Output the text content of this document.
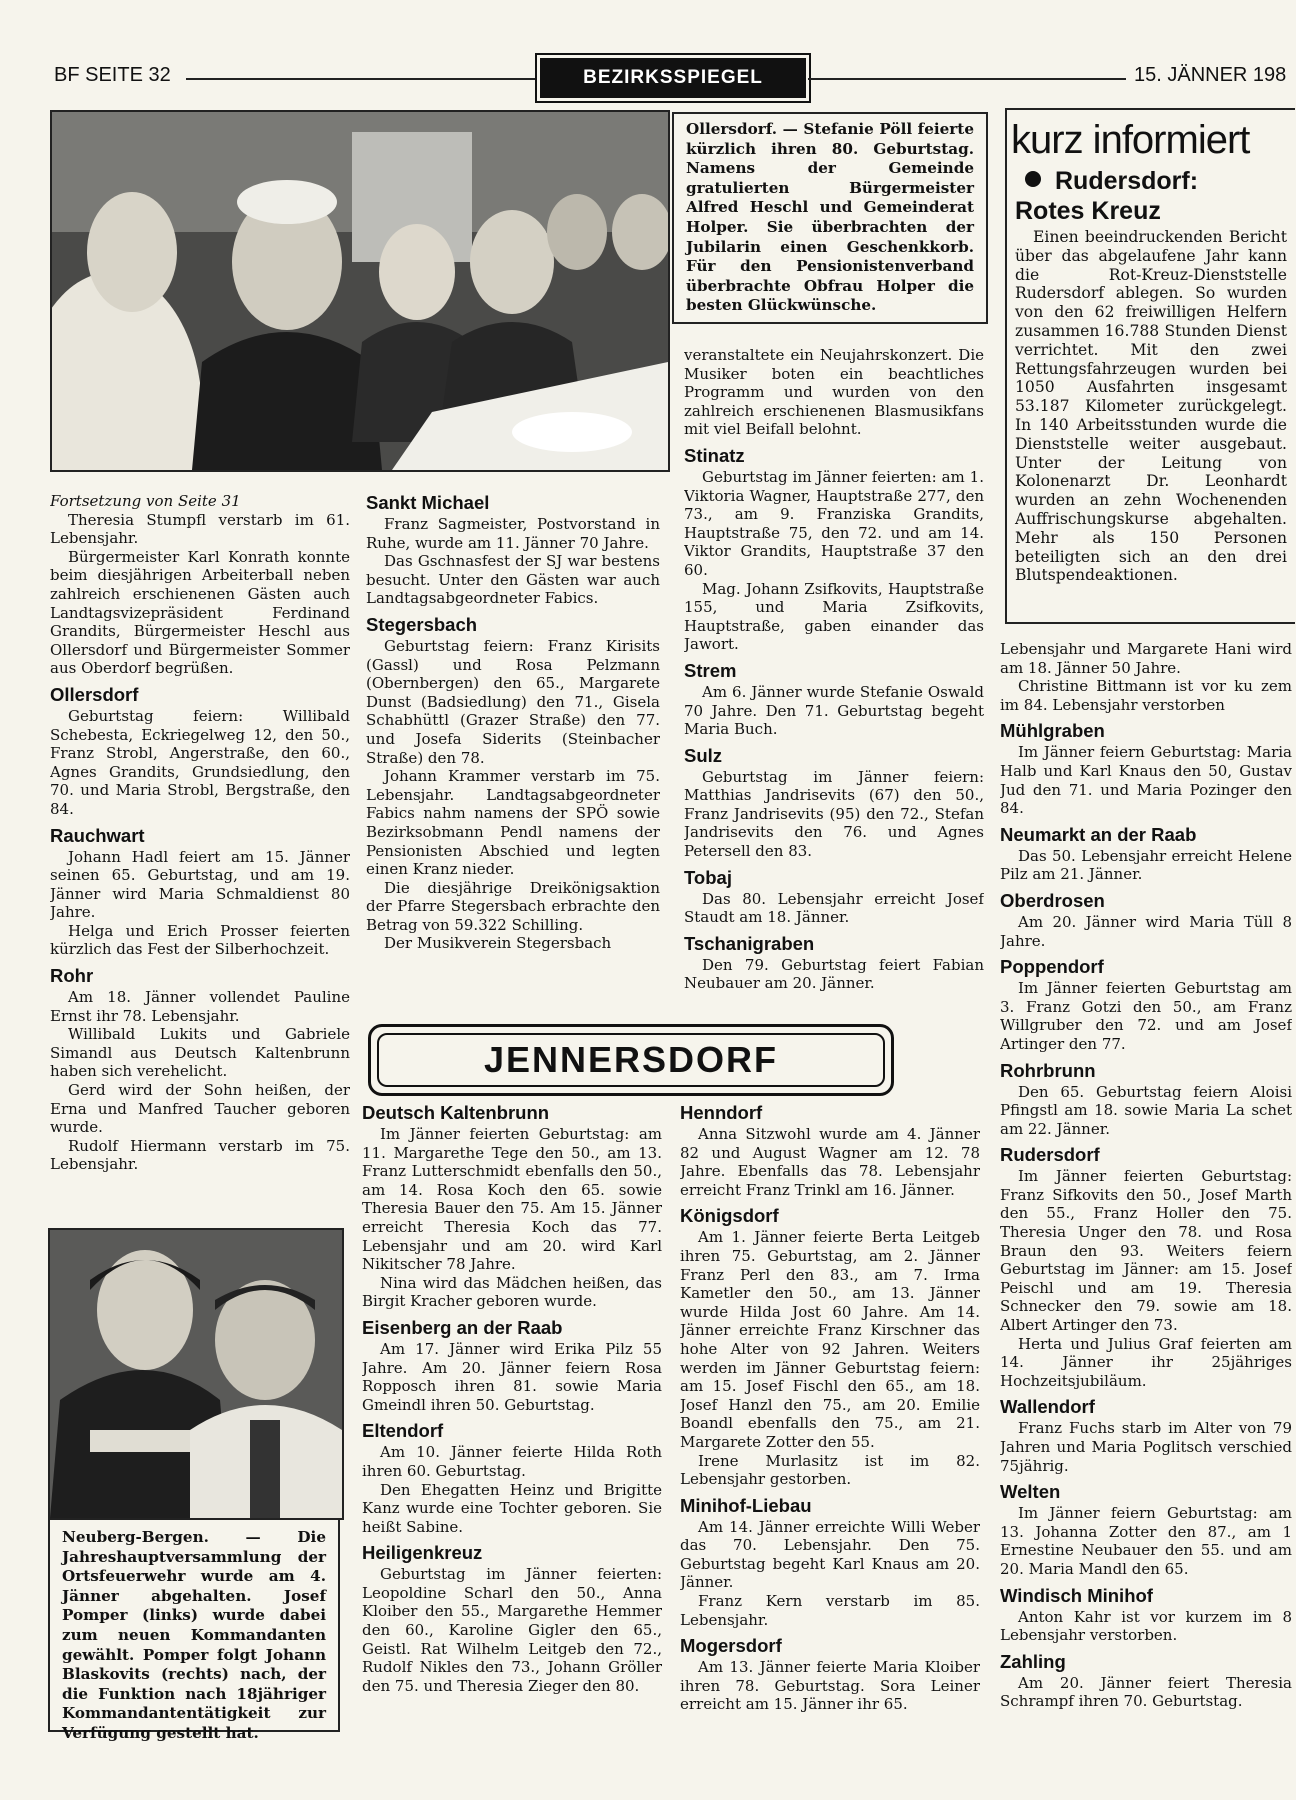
BF SEITE 32	BEZIRKSSPIEGEL	15. JÄNNER 198

Ollersdorf. — Stefanie Pöll feierte kürzlich ihren 80. Geburtstag. Namens der Gemeinde gratulierten Bürgermeister Alfred Heschl und Gemeinderat Holper. Sie überbrachten der Jubilarin einen Geschenkkorb. Für den Pensionistenverband überbrachte Obfrau Holper die besten Glückwünsche.

kurz informiert
Rudersdorf:
Rotes Kreuz

Einen beeindruckenden Bericht über das abgelaufene Jahr kann die Rot-Kreuz-Dienststelle Rudersdorf ablegen. So wurden von den 62 freiwilligen Helfern zusammen 16.788 Stunden Dienst verrichtet. Mit den zwei Rettungsfahrzeugen wurden bei 1050 Ausfahrten insgesamt 53.187 Kilometer zurückgelegt. In 140 Arbeitsstunden wurde die Dienststelle weiter ausgebaut. Unter der Leitung von Kolonenarzt Dr. Leonhardt wurden an zehn Wochenenden Auffrischungskurse abgehalten. Mehr als 150 Personen beteiligten sich an den drei Blutspendeaktionen.

Fortsetzung von Seite 31

Theresia Stumpfl verstarb im 61. Lebensjahr.

Bürgermeister Karl Konrath konnte beim diesjährigen Arbeiterball neben zahlreich erschienenen Gästen auch Landtagsvizepräsident Ferdinand Grandits, Bürgermeister Heschl aus Ollersdorf und Bürgermeister Sommer aus Oberdorf begrüßen.

Ollersdorf

Geburtstag feiern: Willibald Schebesta, Eckriegelweg 12, den 50., Franz Strobl, Angerstraße, den 60., Agnes Grandits, Grundsiedlung, den 70. und Maria Strobl, Bergstraße, den 84.

Rauchwart

Johann Hadl feiert am 15. Jänner seinen 65. Geburtstag, und am 19. Jänner wird Maria Schmaldienst 80 Jahre.

Helga und Erich Prosser feierten kürzlich das Fest der Silberhochzeit.

Rohr

Am 18. Jänner vollendet Pauline Ernst ihr 78. Lebensjahr.

Willibald Lukits und Gabriele Simandl aus Deutsch Kaltenbrunn haben sich verehelicht.

Gerd wird der Sohn heißen, der Erna und Manfred Taucher geboren wurde.

Rudolf Hiermann verstarb im 75. Lebensjahr.

Neuberg-Bergen. — Die Jahreshauptversammlung der Ortsfeuerwehr wurde am 4. Jänner abgehalten. Josef Pomper (links) wurde dabei zum neuen Kommandanten gewählt. Pomper folgt Johann Blaskovits (rechts) nach, der die Funktion nach 18jähriger Kommandantentätigkeit zur Verfügung gestellt hat.

Sankt Michael

Franz Sagmeister, Postvorstand in Ruhe, wurde am 11. Jänner 70 Jahre.

Das Gschnasfest der SJ war bestens besucht. Unter den Gästen war auch Landtagsabgeordneter Fabics.

Stegersbach

Geburtstag feiern: Franz Kirisits (Gassl) und Rosa Pelzmann (Obernbergen) den 65., Margarete Dunst (Badsiedlung) den 71., Gisela Schabhüttl (Grazer Straße) den 77. und Josefa Siderits (Steinbacher Straße) den 78.

Johann Krammer verstarb im 75. Lebensjahr. Landtagsabgeordneter Fabics nahm namens der SPÖ sowie Bezirksobmann Pendl namens der Pensionisten Abschied und legten einen Kranz nieder.

Die diesjährige Dreikönigsaktion der Pfarre Stegersbach erbrachte den Betrag von 59.322 Schilling.

Der Musikverein Stegersbach

veranstaltete ein Neujahrskonzert. Die Musiker boten ein beachtliches Programm und wurden von den zahlreich erschienenen Blasmusikfans mit viel Beifall belohnt.

Stinatz

Geburtstag im Jänner feierten: am 1. Viktoria Wagner, Hauptstraße 277, den 73., am 9. Franziska Grandits, Hauptstraße 75, den 72. und am 14. Viktor Grandits, Hauptstraße 37 den 60.

Mag. Johann Zsifkovits, Hauptstraße 155, und Maria Zsifkovits, Hauptstraße, gaben einander das Jawort.

Strem

Am 6. Jänner wurde Stefanie Oswald 70 Jahre. Den 71. Geburtstag begeht Maria Buch.

Sulz

Geburtstag im Jänner feiern: Matthias Jandrisevits (67) den 50., Franz Jandrisevits (95) den 72., Stefan Jandrisevits den 76. und Agnes Petersell den 83.

Tobaj

Das 80. Lebensjahr erreicht Josef Staudt am 18. Jänner.

Tschanigraben

Den 79. Geburtstag feiert Fabian Neubauer am 20. Jänner.

JENNERSDORF
Deutsch Kaltenbrunn

Im Jänner feierten Geburtstag: am 11. Margarethe Tege den 50., am 13. Franz Lutterschmidt ebenfalls den 50., am 14. Rosa Koch den 65. sowie Theresia Bauer den 75. Am 15. Jänner erreicht Theresia Koch das 77. Lebensjahr und am 20. wird Karl Nikitscher 78 Jahre.

Nina wird das Mädchen heißen, das Birgit Kracher geboren wurde.

Eisenberg an der Raab

Am 17. Jänner wird Erika Pilz 55 Jahre. Am 20. Jänner feiern Rosa Ropposch ihren 81. sowie Maria Gmeindl ihren 50. Geburtstag.

Eltendorf

Am 10. Jänner feierte Hilda Roth ihren 60. Geburtstag.

Den Ehegatten Heinz und Brigitte Kanz wurde eine Tochter geboren. Sie heißt Sabine.

Heiligenkreuz

Geburtstag im Jänner feierten: Leopoldine Scharl den 50., Anna Kloiber den 55., Margarethe Hemmer den 60., Karoline Gigler den 65., Geistl. Rat Wilhelm Leitgeb den 72., Rudolf Nikles den 73., Johann Gröller den 75. und Theresia Zieger den 80.

Henndorf

Anna Sitzwohl wurde am 4. Jänner 82 und August Wagner am 12. 78 Jahre. Ebenfalls das 78. Lebensjahr erreicht Franz Trinkl am 16. Jänner.

Königsdorf

Am 1. Jänner feierte Berta Leitgeb ihren 75. Geburtstag, am 2. Jänner Franz Perl den 83., am 7. Irma Kametler den 50., am 13. Jänner wurde Hilda Jost 60 Jahre. Am 14. Jänner erreichte Franz Kirschner das hohe Alter von 92 Jahren. Weiters werden im Jänner Geburtstag feiern: am 15. Josef Fischl den 65., am 18. Josef Hanzl den 75., am 20. Emilie Boandl ebenfalls den 75., am 21. Margarete Zotter den 55.

Irene Murlasitz ist im 82. Lebensjahr gestorben.

Minihof-Liebau

Am 14. Jänner erreichte Willi Weber das 70. Lebensjahr. Den 75. Geburtstag begeht Karl Knaus am 20. Jänner.

Franz Kern verstarb im 85. Lebensjahr.

Mogersdorf

Am 13. Jänner feierte Maria Kloiber ihren 78. Geburtstag. Sora Leiner erreicht am 15. Jänner ihr 65.

Lebensjahr und Margarete Hani wird am 18. Jänner 50 Jahre.

Christine Bittmann ist vor ku zem im 84. Lebensjahr verstorben

Mühlgraben

Im Jänner feiern Geburtstag: Maria Halb und Karl Knaus den 50, Gustav Jud den 71. und Maria Pozinger den 84.

Neumarkt an der Raab

Das 50. Lebensjahr erreicht Helene Pilz am 21. Jänner.

Oberdrosen

Am 20. Jänner wird Maria Tüll 8 Jahre.

Poppendorf

Im Jänner feierten Geburtstag am 3. Franz Gotzi den 50., am Franz Willgruber den 72. und am Josef Artinger den 77.

Rohrbrunn

Den 65. Geburtstag feiern Aloisi Pfingstl am 18. sowie Maria La schet am 22. Jänner.

Rudersdorf

Im Jänner feierten Geburtstag: Franz Sifkovits den 50., Josef Marth den 55., Franz Holler den 75. Theresia Unger den 78. und Rosa Braun den 93. Weiters feiern Geburtstag im Jänner: am 15. Josef Peischl und am 19. Theresia Schnecker den 79. sowie am 18. Albert Artinger den 73.

Herta und Julius Graf feierten am 14. Jänner ihr 25jähriges Hochzeitsjubiläum.

Wallendorf

Franz Fuchs starb im Alter von 79 Jahren und Maria Poglitsch verschied 75jährig.

Welten

Im Jänner feiern Geburtstag: am 13. Johanna Zotter den 87., am 1 Ernestine Neubauer den 55. und am 20. Maria Mandl den 65.

Windisch Minihof

Anton Kahr ist vor kurzem im 8 Lebensjahr verstorben.

Zahling

Am 20. Jänner feiert Theresia Schrampf ihren 70. Geburtstag.
